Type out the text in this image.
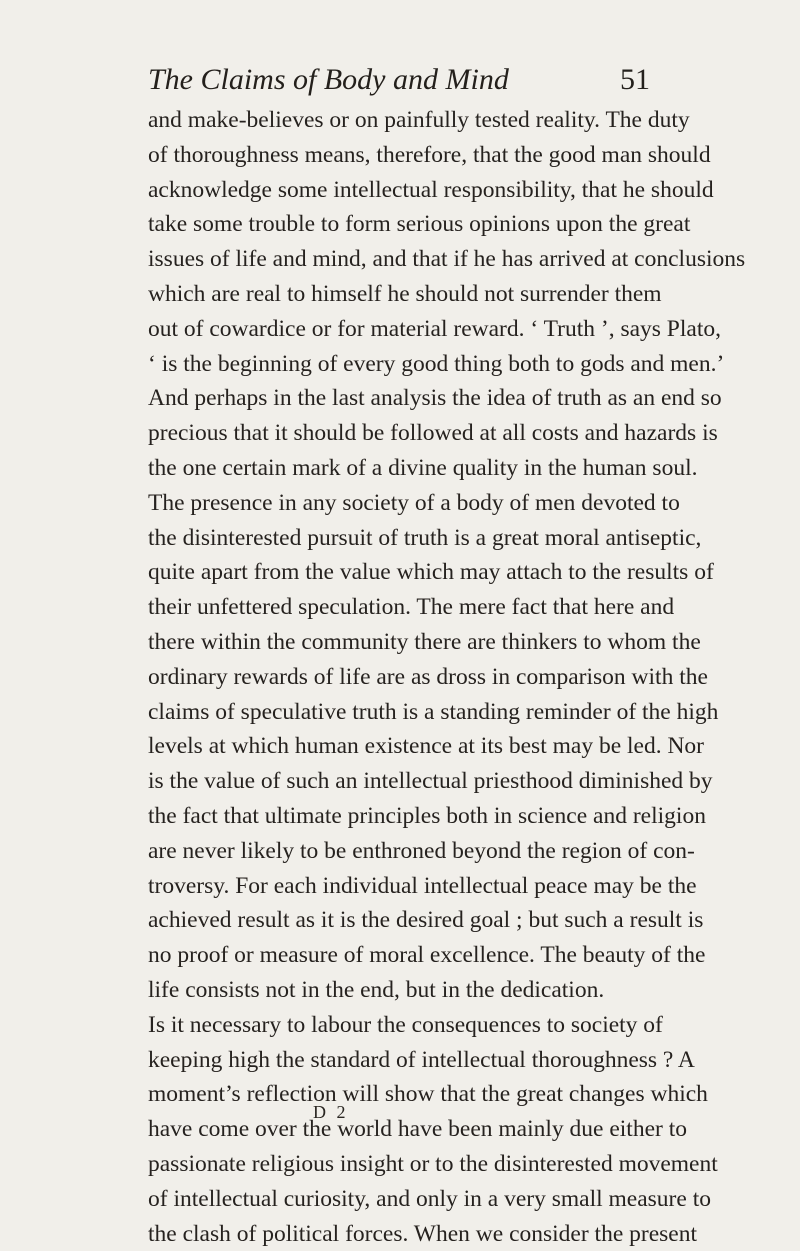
The Claims of Body and Mind	51
and make-believes or on painfully tested reality. The duty
of thoroughness means, therefore, that the good man should
acknowledge some intellectual responsibility, that he should
take some trouble to form serious opinions upon the great
issues of life and mind, and that if he has arrived at conclusions
which are real to himself he should not surrender them
out of cowardice or for material reward. ‘ Truth ’, says Plato,
‘ is the beginning of every good thing both to gods and men.’
And perhaps in the last analysis the idea of truth as an end so
precious that it should be followed at all costs and hazards is
the one certain mark of a divine quality in the human soul.
The presence in any society of a body of men devoted to
the disinterested pursuit of truth is a great moral antiseptic,
quite apart from the value which may attach to the results of
their unfettered speculation. The mere fact that here and
there within the community there are thinkers to whom the
ordinary rewards of life are as dross in comparison with the
claims of speculative truth is a standing reminder of the high
levels at which human existence at its best may be led. Nor
is the value of such an intellectual priesthood diminished by
the fact that ultimate principles both in science and religion
are never likely to be enthroned beyond the region of con-
troversy. For each individual intellectual peace may be the
achieved result as it is the desired goal ; but such a result is
no proof or measure of moral excellence. The beauty of the
life consists not in the end, but in the dedication.
Is it necessary to labour the consequences to society of
keeping high the standard of intellectual thoroughness ? A
moment’s reflection will show that the great changes which
have come over the world have been mainly due either to
passionate religious insight or to the disinterested movement
of intellectual curiosity, and only in a very small measure to
the clash of political forces. When we consider the present
D 2
